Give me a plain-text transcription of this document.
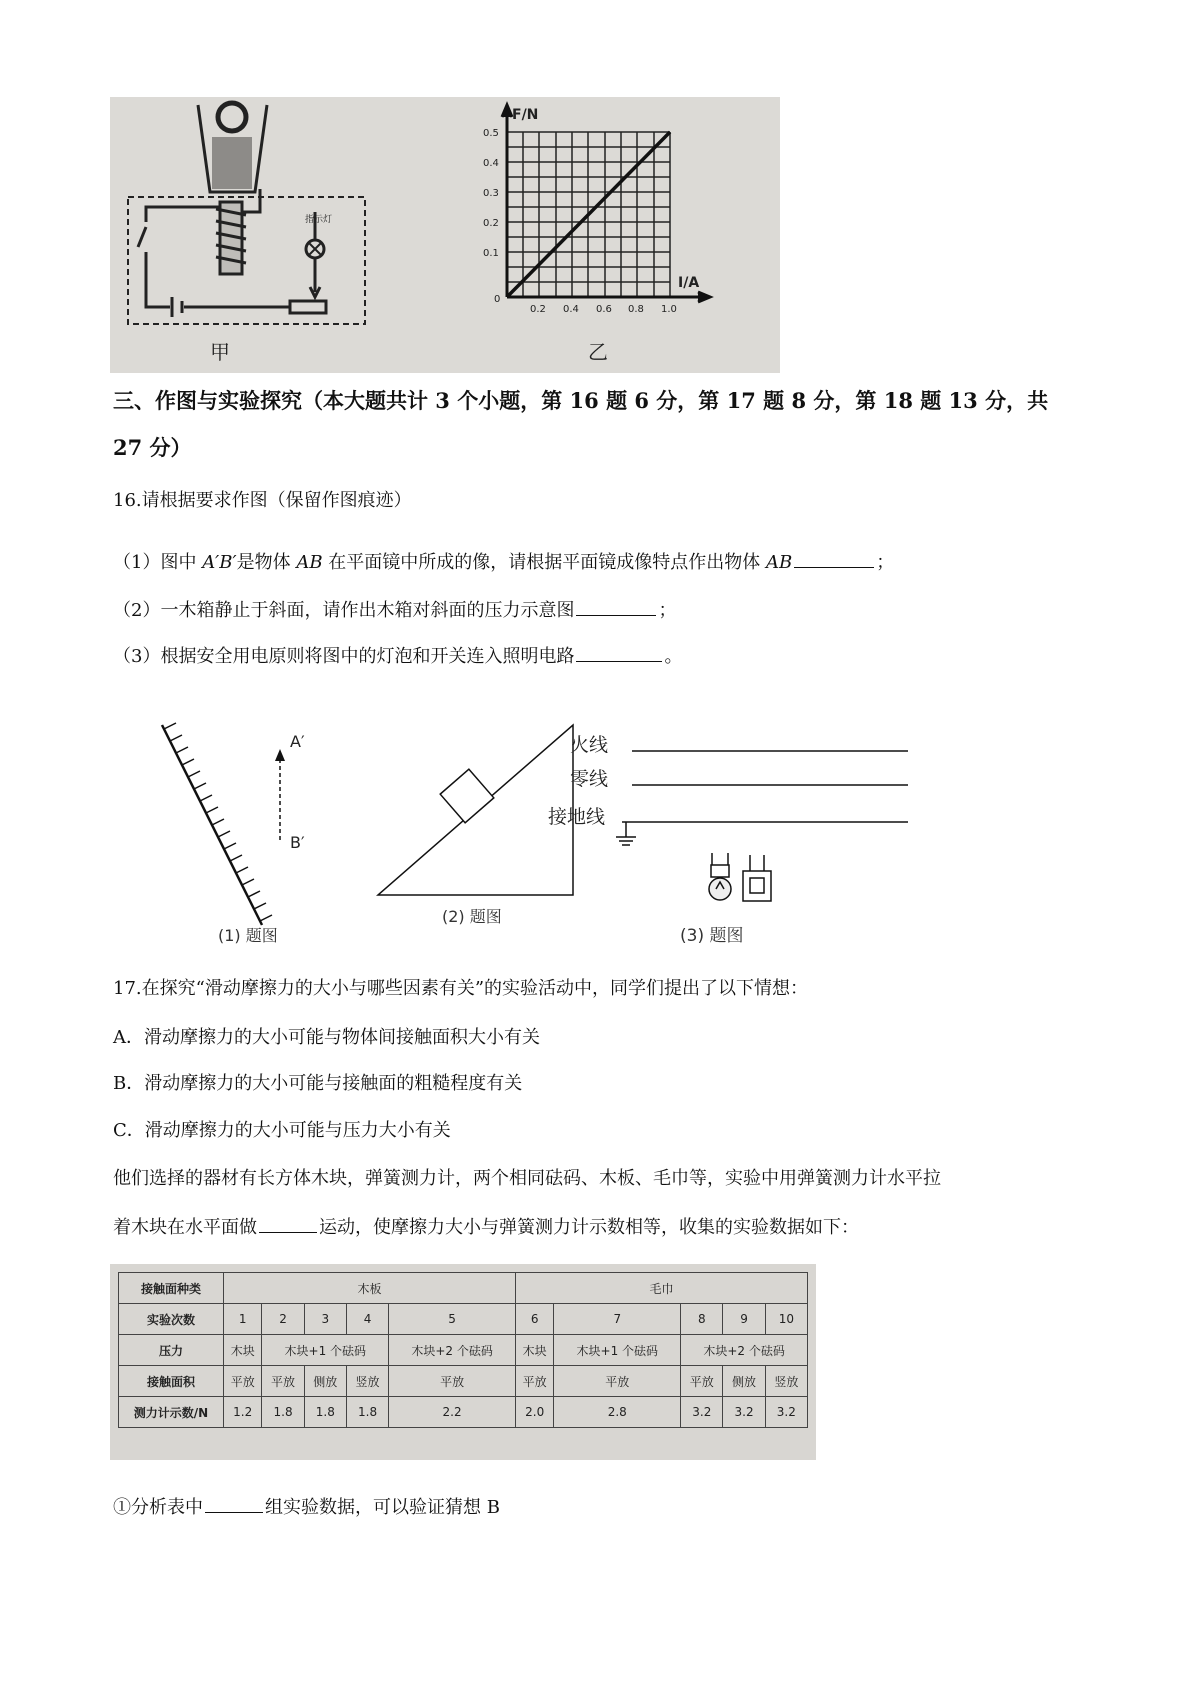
指示灯
甲
F/N
I/A
0.5
0.4
0.3
0.2
0.1
0
0.2 0.4 0.6 0.8 1.0
乙
三、作图与实验探究（本大题共计 3 个小题，第 16 题 6 分，第 17 题 8 分，第 18 题 13 分，共
27 分）
16.请根据要求作图（保留作图痕迹）
（1）图中 A′B′是物体 AB 在平面镜中所成的像，请根据平面镜成像特点作出物体 AB	；
（2）一木箱静止于斜面，请作出木箱对斜面的压力示意图	；
（3）根据安全用电原则将图中的灯泡和开关连入照明电路	。
A′
B′
(1) 题图
(2) 题图
火线
零线
接地线
(3) 题图
17.在探究“滑动摩擦力的大小与哪些因素有关”的实验活动中，同学们提出了以下情想：
A．滑动摩擦力的大小可能与物体间接触面积大小有关
B．滑动摩擦力的大小可能与接触面的粗糙程度有关
C．滑动摩擦力的大小可能与压力大小有关
他们选择的器材有长方体木块，弹簧测力计，两个相同砝码、木板、毛巾等，实验中用弹簧测力计水平拉
着木块在水平面做	运动，使摩擦力大小与弹簧测力计示数相等，收集的实验数据如下：
接触面种类	木板					毛巾				
实验次数	1	2	3	4	5	6	7	8	9	10
压力	木块	木块+1 个砝码			木块+2 个砝码	木块	木块+1 个砝码	木块+2 个砝码		
接触面积	平放	平放	侧放	竖放	平放	平放	平放	平放	侧放	竖放
测力计示数/N	1.2	1.8	1.8	1.8	2.2	2.0	2.8	3.2	3.2	3.2
①分析表中	组实验数据，可以验证猜想 B
